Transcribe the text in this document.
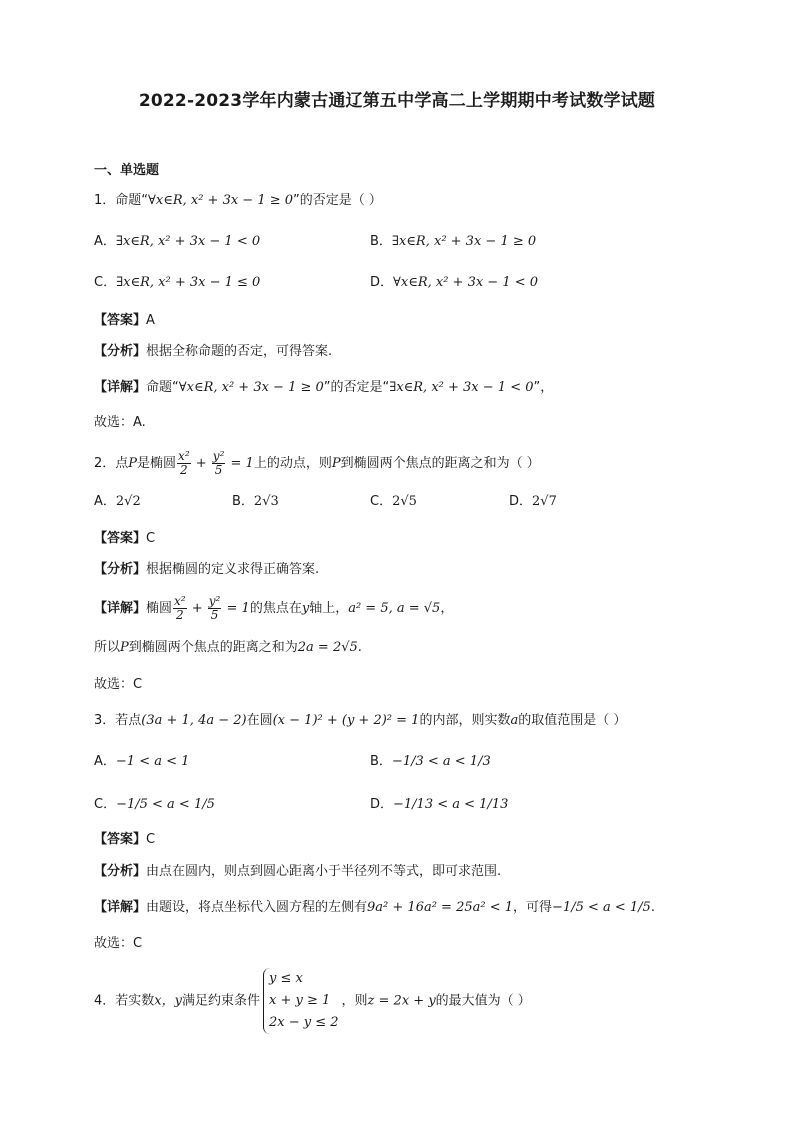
2022-2023学年内蒙古通辽第五中学高二上学期期中考试数学试题
一、单选题
1．命题“∀x∈R, x² + 3x − 1 ≥ 0”的否定是（ ）
A．∃x∈R, x² + 3x − 1 < 0	B．∃x∈R, x² + 3x − 1 ≥ 0
C．∃x∈R, x² + 3x − 1 ≤ 0	D．∀x∈R, x² + 3x − 1 < 0
【答案】A
【分析】根据全称命题的否定，可得答案.
【详解】命题“∀x∈R, x² + 3x − 1 ≥ 0”的否定是“∃x∈R, x² + 3x − 1 < 0”，
故选：A.
2．点P是椭圆 $\frac{\text{x²}}{2} + \frac{\text{y²}}{5} = 1$上的动点，则P到椭圆两个焦点的距离之和为（ ）
A．2√2	B．2√3	C．2√5	D．2√7
【答案】C
【分析】根据椭圆的定义求得正确答案.
【详解】椭圆 $\frac{\text{x²}}{2} + \frac{\text{y²}}{5} = 1$的焦点在y轴上，a² = 5, a = √5，
所以P到椭圆两个焦点的距离之和为2a = 2√5.
故选：C
3．若点(3a + 1, 4a − 2)在圆(x − 1)² + (y + 2)² = 1的内部，则实数a的取值范围是（ ）
A．−1 < a < 1	B．−1/3 < a < 1/3
C．−1/5 < a < 1/5	D．−1/13 < a < 1/13
【答案】C
【分析】由点在圆内，则点到圆心距离小于半径列不等式，即可求范围.
【详解】由题设，将点坐标代入圆方程的左侧有9a² + 16a² = 25a² < 1，可得−1/5 < a < 1/5.
故选：C
4．若实数x，y满足约束条件
y ≤ x
x + y ≥ 1
2x − y ≤ 2
，则z = 2x + y的最大值为（ ）
